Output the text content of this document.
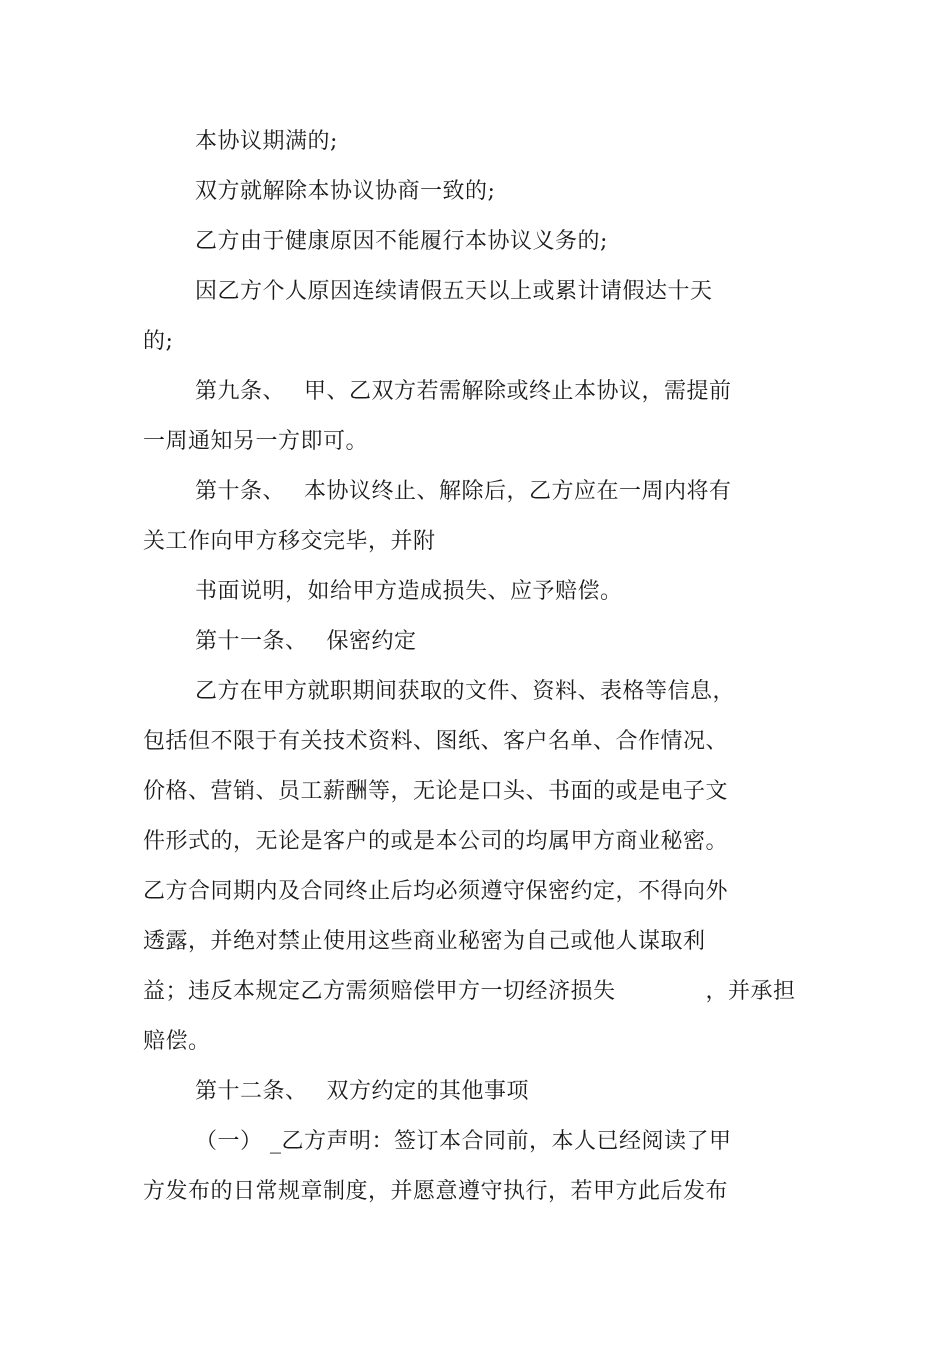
本协议期满的;
双方就解除本协议协商一致的;
乙方由于健康原因不能履行本协议义务的;
因乙方个人原因连续请假五天以上或累计请假达十天
的;
第九条、　 甲、乙双方若需解除或终止本协议，需提前
一周通知另一方即可。
第十条、　 本协议终止、解除后，乙方应在一周内将有
关工作向甲方移交完毕，并附
书面说明，如给甲方造成损失、应予赔偿。
第十一条、　 保密约定
乙方在甲方就职期间获取的文件、资料、表格等信息，
包括但不限于有关技术资料、图纸、客户名单、合作情况、
价格、营销、员工薪酬等，无论是口头、书面的或是电子文
件形式的，无论是客户的或是本公司的均属甲方商业秘密。
乙方合同期内及合同终止后均必须遵守保密约定，不得向外
透露，并绝对禁止使用这些商业秘密为自己或他人谋取利
益；违反本规定乙方需须赔偿甲方一切经济损失　　　　，并承担
赔偿。
第十二条、　 双方约定的其他事项
（一） _乙方声明：签订本合同前，本人已经阅读了甲
方发布的日常规章制度，并愿意遵守执行，若甲方此后发布
